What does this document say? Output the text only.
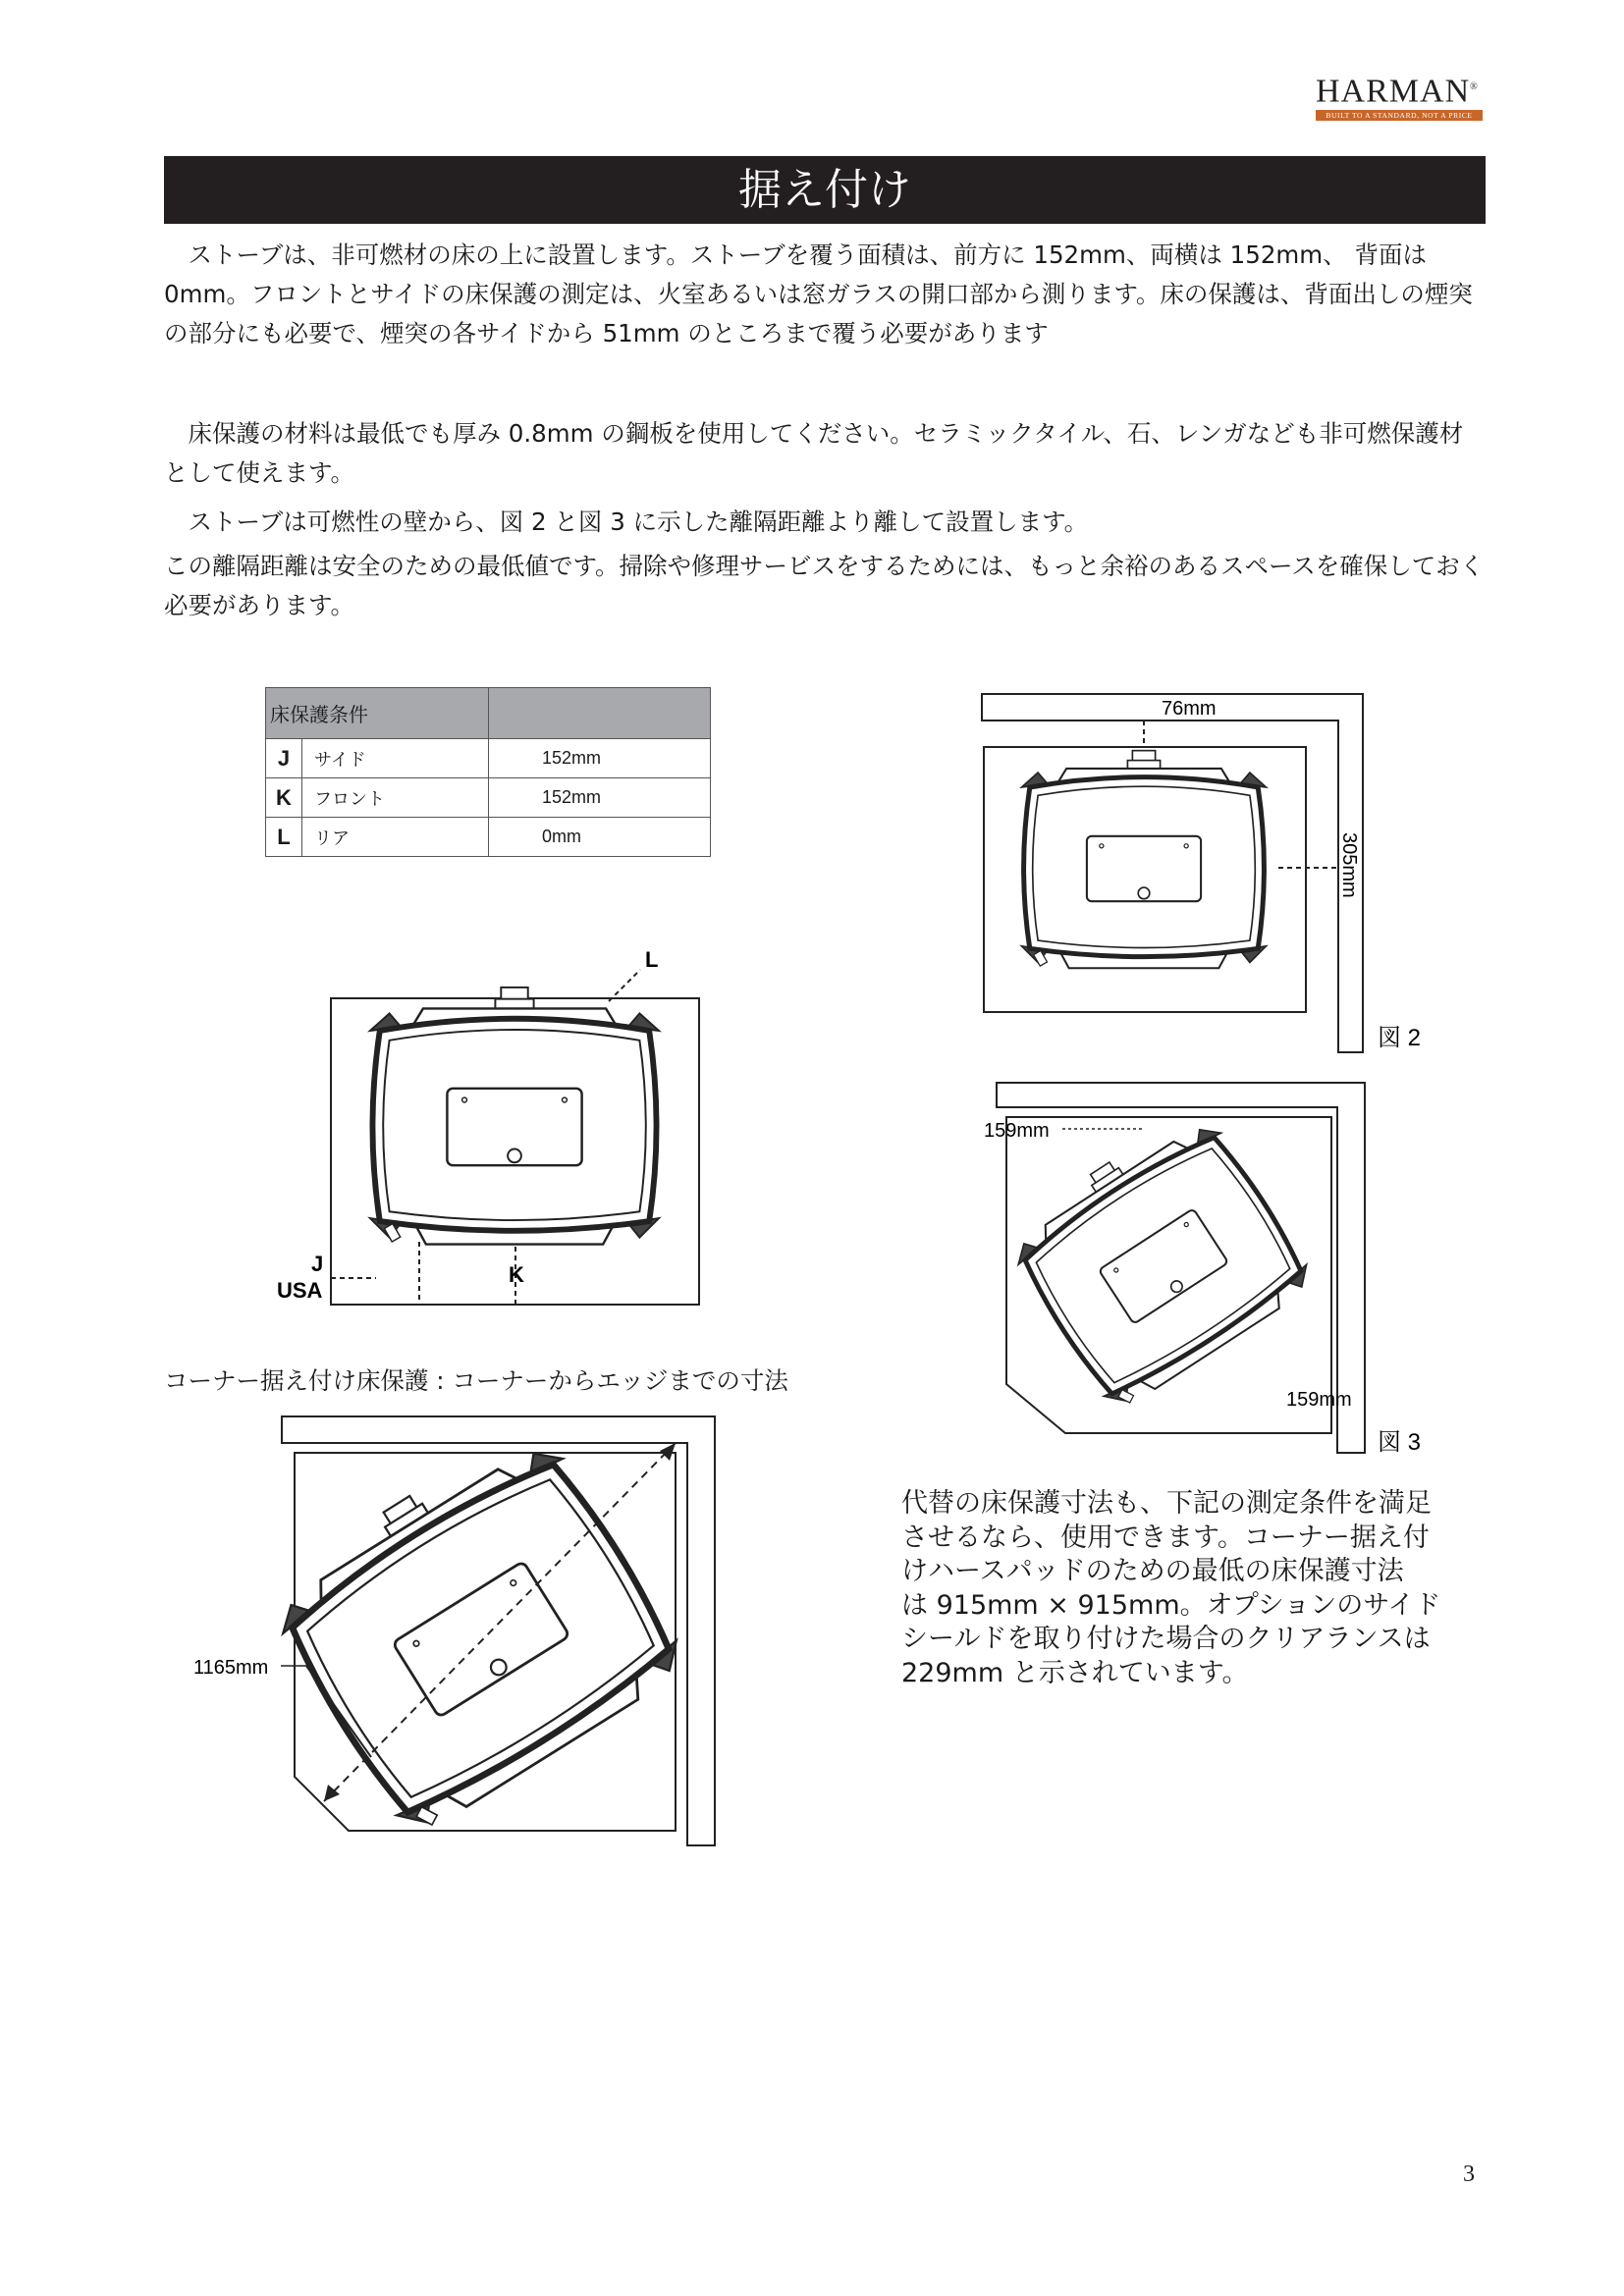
HARMAN®
BUILT TO A STANDARD, NOT A PRICE
据え付け

　ストーブは、非可燃材の床の上に設置します。ストーブを覆う面積は、前方に 152mm、両横は 152mm、 背面は 0mm。フロントとサイドの床保護の測定は、火室あるいは窓ガラスの開口部から測ります。床の保護は、背面出しの煙突の部分にも必要で、煙突の各サイドから 51mm のところまで覆う必要があります

　床保護の材料は最低でも厚み 0.8mm の鋼板を使用してください。セラミックタイル、石、レンガなども非可燃保護材として使えます。

　ストーブは可燃性の壁から、図 2 と図 3 に示した離隔距離より離して設置します。

この離隔距離は安全のための最低値です。掃除や修理サービスをするためには、もっと余裕のあるスペースを確保しておく必要があります。

床保護条件		
J	サイド	152mm
K	フロント	152mm
L	リア	0mm
L
J
USA
K
76mm
305mm
図 2
159mm
159mm
図 3
1165mm
コーナー据え付け床保護 : コーナーからエッジまでの寸法
代替の床保護寸法も、下記の測定条件を満足
させるなら、使用できます。コーナー据え付
けハースパッドのための最低の床保護寸法
は 915mm × 915mm。オプションのサイド
シールドを取り付けた場合のクリアランスは
229mm と示されています。
3
